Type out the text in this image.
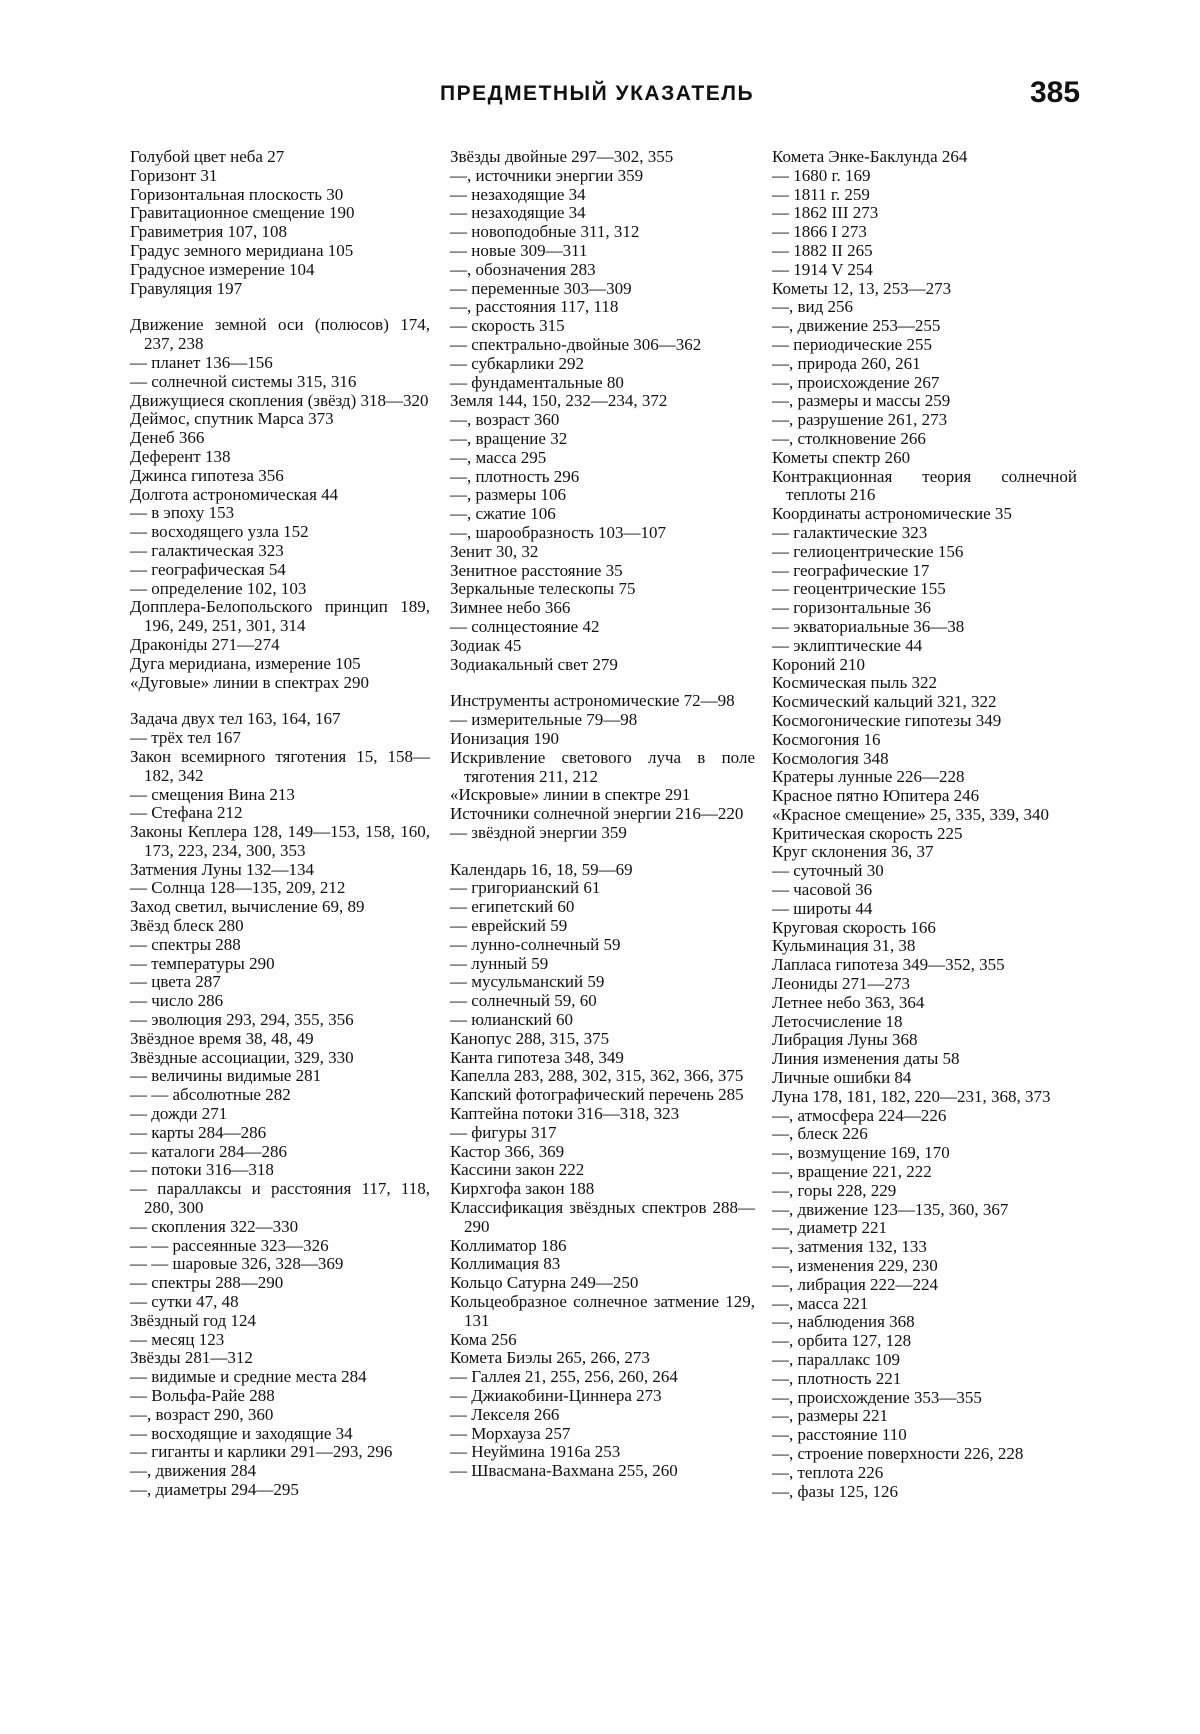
ПРЕДМЕТНЫЙ УКАЗАТЕЛЬ	385
Голубой цвет неба 27
Горизонт 31
Горизонтальная плоскость 30
Гравитационное смещение 190
Гравиметрия 107, 108
Градус земного меридиана 105
Градусное измерение 104
Гравуляция 197
Движение земной оси (полюсов) 174, 237, 238
— планет 136—156
— солнечной системы 315, 316
Движущиеся скопления (звёзд) 318—320
Деймос, спутник Марса 373
Денеб 366
Деферент 138
Джинса гипотеза 356
Долгота астрономическая 44
— в эпоху 153
— восходящего узла 152
— галактическая 323
— географическая 54
— определение 102, 103
Допплера-Белопольского принцип 189, 196, 249, 251, 301, 314
Драконіды 271—274
Дуга меридиана, измерение 105
«Дуговые» линии в спектрах 290
Задача двух тел 163, 164, 167
— трёх тел 167
Закон всемирного тяготения 15, 158—182, 342
— смещения Вина 213
— Стефана 212
Законы Кеплера 128, 149—153, 158, 160, 173, 223, 234, 300, 353
Затмения Луны 132—134
— Солнца 128—135, 209, 212
Заход светил, вычисление 69, 89
Звёзд блеск 280
— спектры 288
— температуры 290
— цвета 287
— число 286
— эволюция 293, 294, 355, 356
Звёздное время 38, 48, 49
Звёздные ассоциации, 329, 330
— величины видимые 281
— — абсолютные 282
— дожди 271
— карты 284—286
— каталоги 284—286
— потоки 316—318
— параллаксы и расстояния 117, 118, 280, 300
— скопления 322—330
— — рассеянные 323—326
— — шаровые 326, 328—369
— спектры 288—290
— сутки 47, 48
Звёздный год 124
— месяц 123
Звёзды 281—312
— видимые и средние места 284
— Вольфа-Райе 288
—, возраст 290, 360
— восходящие и заходящие 34
— гиганты и карлики 291—293, 296
—, движения 284
—, диаметры 294—295
Звёзды двойные 297—302, 355
—, источники энергии 359
— незаходящие 34
— незаходящие 34
— новоподобные 311, 312
— новые 309—311
—, обозначения 283
— переменные 303—309
—, расстояния 117, 118
— скорость 315
— спектрально-двойные 306—362
— субкарлики 292
— фундаментальные 80
Земля 144, 150, 232—234, 372
—, возраст 360
—, вращение 32
—, масса 295
—, плотность 296
—, размеры 106
—, сжатие 106
—, шарообразность 103—107
Зенит 30, 32
Зенитное расстояние 35
Зеркальные телескопы 75
Зимнее небо 366
— солнцестояние 42
Зодиак 45
Зодиакальный свет 279
Инструменты астрономические 72—98
— измерительные 79—98
Ионизация 190
Искривление светового луча в поле тяготения 211, 212
«Искровые» линии в спектре 291
Источники солнечной энергии 216—220
— звёздной энергии 359
Календарь 16, 18, 59—69
— григорианский 61
— египетский 60
— еврейский 59
— лунно-солнечный 59
— лунный 59
— мусульманский 59
— солнечный 59, 60
— юлианский 60
Канопус 288, 315, 375
Канта гипотеза 348, 349
Капелла 283, 288, 302, 315, 362, 366, 375
Капский фотографический перечень 285
Каптейна потоки 316—318, 323
— фигуры 317
Кастор 366, 369
Кассини закон 222
Кирхгофа закон 188
Классификация звёздных спектров 288—290
Коллиматор 186
Коллимация 83
Кольцо Сатурна 249—250
Кольцеобразное солнечное затмение 129, 131
Кома 256
Комета Биэлы 265, 266, 273
— Галлея 21, 255, 256, 260, 264
— Джиакобини-Циннера 273
— Лекселя 266
— Морхауза 257
— Неуймина 1916а 253
— Швасмана-Вахмана 255, 260
Комета Энке-Баклунда 264
— 1680 г. 169
— 1811 г. 259
— 1862 III 273
— 1866 I 273
— 1882 II 265
— 1914 V 254
Кометы 12, 13, 253—273
—, вид 256
—, движение 253—255
— периодические 255
—, природа 260, 261
—, происхождение 267
—, размеры и массы 259
—, разрушение 261, 273
—, столкновение 266
Кометы спектр 260
Контракционная теория солнечной теплоты 216
Координаты астрономические 35
— галактические 323
— гелиоцентрические 156
— географические 17
— геоцентрические 155
— горизонтальные 36
— экваториальные 36—38
— эклиптические 44
Короний 210
Космическая пыль 322
Космический кальций 321, 322
Космогонические гипотезы 349
Космогония 16
Космология 348
Кратеры лунные 226—228
Красное пятно Юпитера 246
«Красное смещение» 25, 335, 339, 340
Критическая скорость 225
Круг склонения 36, 37
— суточный 30
— часовой 36
— широты 44
Круговая скорость 166
Кульминация 31, 38
Лапласа гипотеза 349—352, 355
Леониды 271—273
Летнее небо 363, 364
Летосчисление 18
Либрация Луны 368
Линия изменения даты 58
Личные ошибки 84
Луна 178, 181, 182, 220—231, 368, 373
—, атмосфера 224—226
—, блеск 226
—, возмущение 169, 170
—, вращение 221, 222
—, горы 228, 229
—, движение 123—135, 360, 367
—, диаметр 221
—, затмения 132, 133
—, изменения 229, 230
—, либрация 222—224
—, масса 221
—, наблюдения 368
—, орбита 127, 128
—, параллакс 109
—, плотность 221
—, происхождение 353—355
—, размеры 221
—, расстояние 110
—, строение поверхности 226, 228
—, теплота 226
—, фазы 125, 126
